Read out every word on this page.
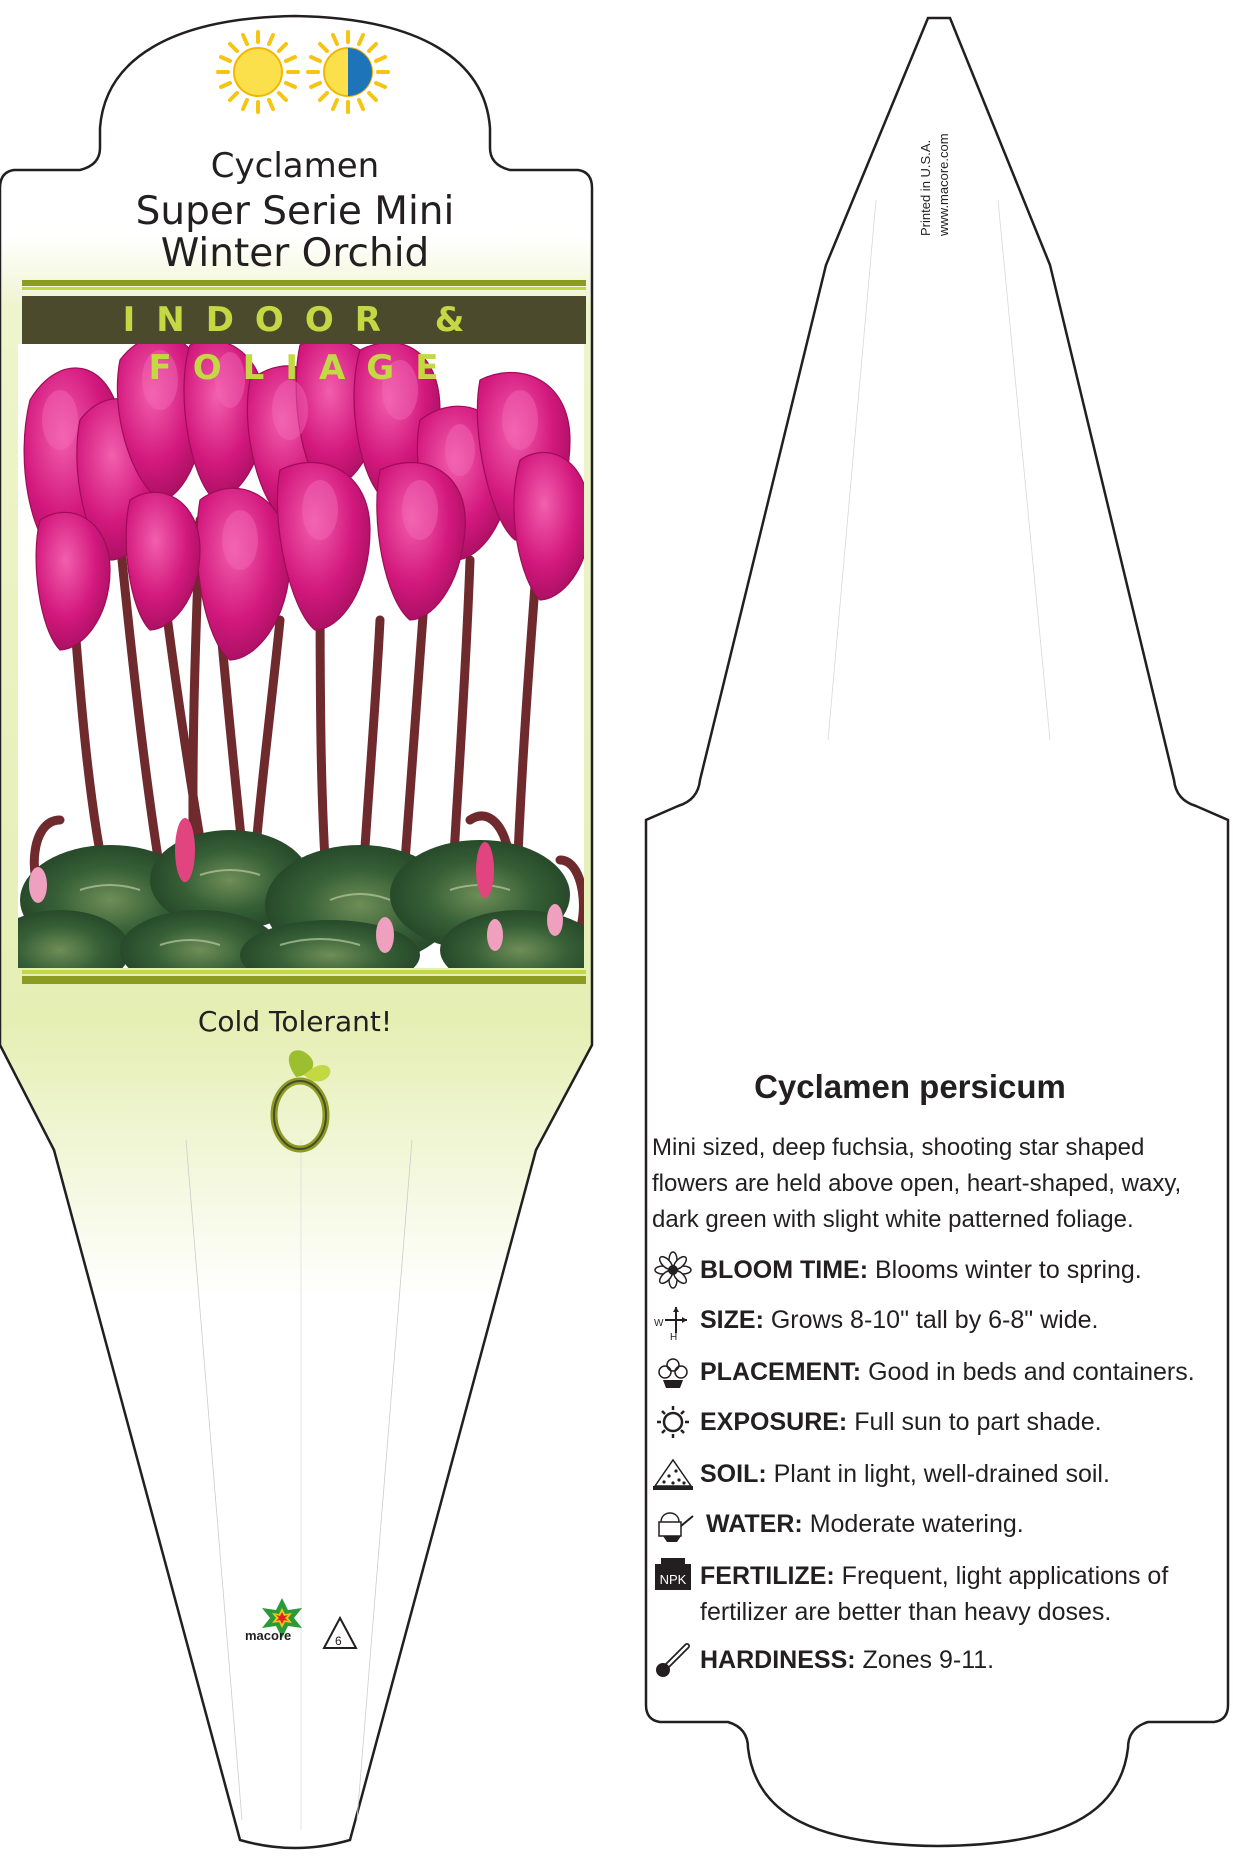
W
H
NPK
Cyclamen
Super Serie Mini
Winter Orchid
INDOOR & FOLIAGE
Cold Tolerant!
macore	6
Printed in U.S.A. www.macore.com
Cyclamen persicum
Mini sized, deep fuchsia, shooting star shaped flowers are held above open, heart-shaped, waxy, dark green with slight white patterned foliage.
BLOOM TIME: Blooms winter to spring.
SIZE: Grows 8-10" tall by 6-8" wide.
PLACEMENT: Good in beds and containers.
EXPOSURE: Full sun to part shade.
SOIL: Plant in light, well-drained soil.
WATER: Moderate watering.
FERTILIZE: Frequent, light applications of fertilizer are better than heavy doses.
HARDINESS: Zones 9-11.
